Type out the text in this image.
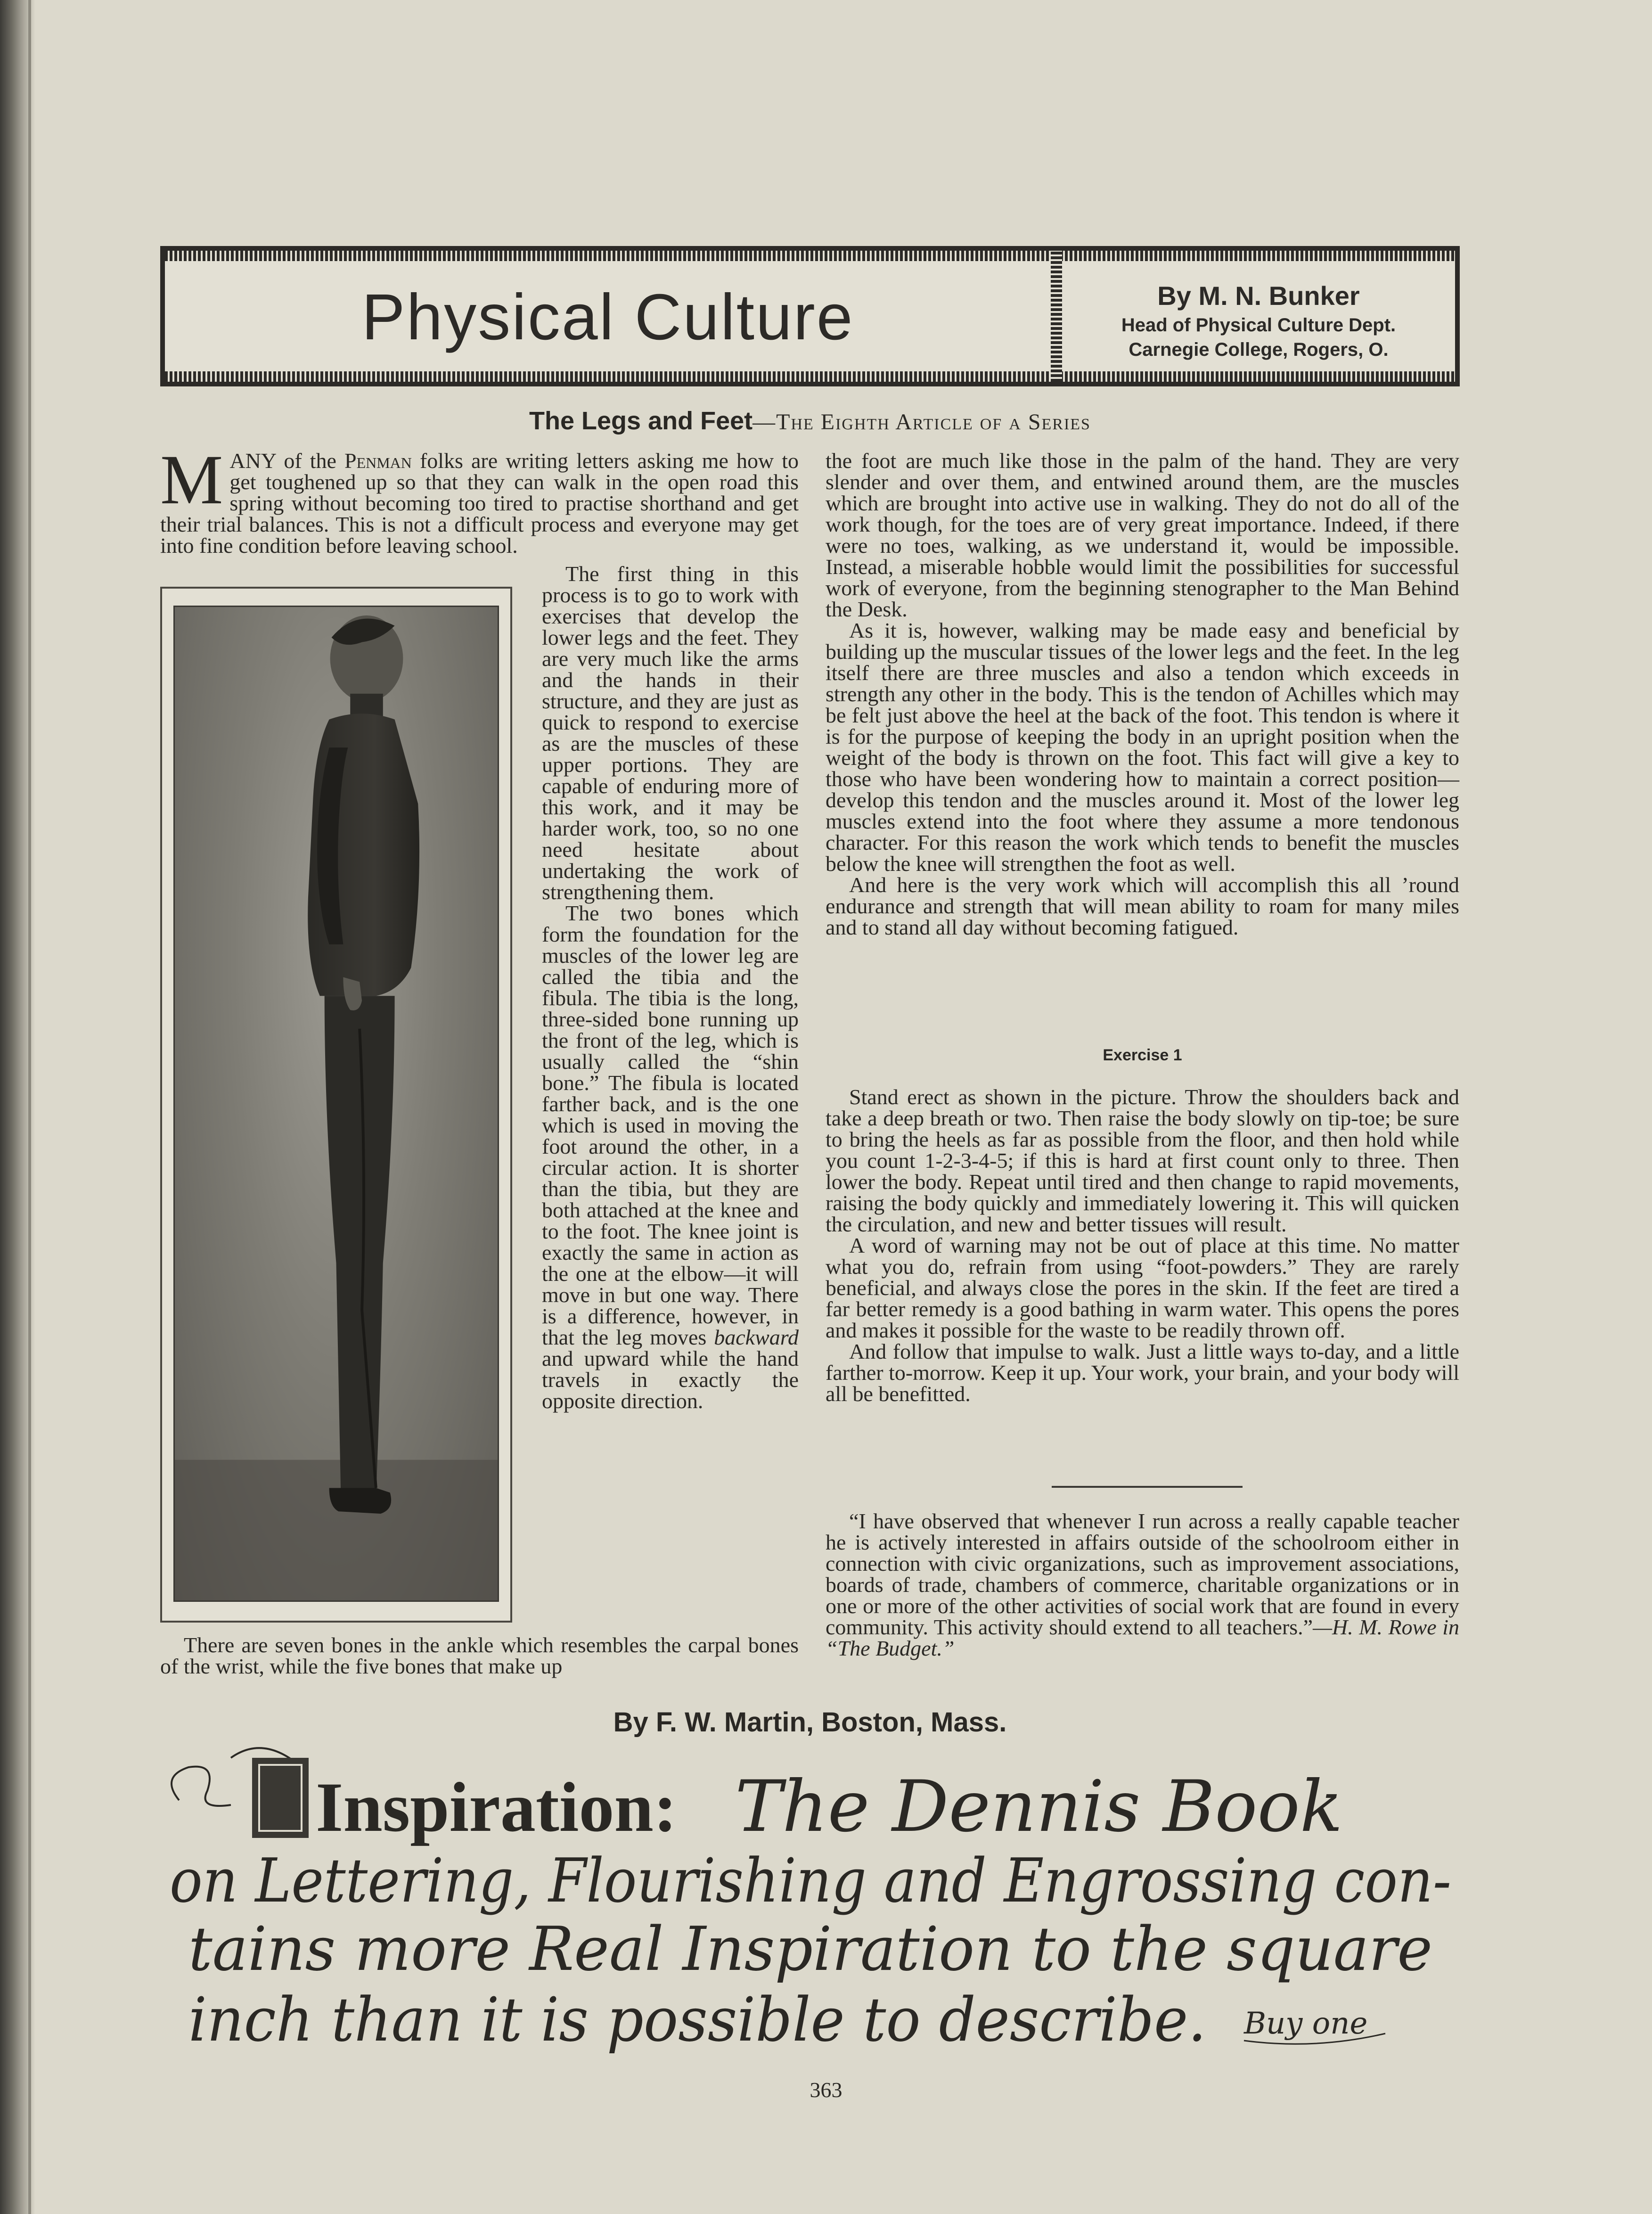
Physical Culture	By M. N. Bunker
Head of Physical Culture Dept.
Carnegie College, Rogers, O.
The Legs and Feet—The Eighth Article of a Series

MANY of the Penman folks are writing letters asking me how to get toughened up so that they can walk in the open road this spring without becoming too tired to practise shorthand and get their trial balances. This is not a difficult process and everyone may get into fine condition before leaving school.

The first thing in this process is to go to work with exercises that develop the lower legs and the feet. They are very much like the arms and the hands in their structure, and they are just as quick to respond to exercise as are the muscles of these upper portions. They are capable of enduring more of this work, and it may be harder work, too, so no one need hesitate about undertaking the work of strengthening them.

The two bones which form the foundation for the muscles of the lower leg are called the tibia and the fibula. The tibia is the long, three-sided bone running up the front of the leg, which is usually called the “shin bone.” The fibula is located farther back, and is the one which is used in moving the foot around the other, in a circular action. It is shorter than the tibia, but they are both attached at the knee and to the foot. The knee joint is exactly the same in action as the one at the elbow—it will move in but one way. There is a difference, however, in that the leg moves backward and upward while the hand travels in exactly the opposite direction.

There are seven bones in the ankle which resembles the carpal bones of the wrist, while the five bones that make up

the foot are much like those in the palm of the hand. They are very slender and over them, and entwined around them, are the muscles which are brought into active use in walking. They do not do all of the work though, for the toes are of very great importance. Indeed, if there were no toes, walking, as we understand it, would be impossible. Instead, a miserable hobble would limit the possibilities for successful work of everyone, from the beginning stenographer to the Man Behind the Desk.

As it is, however, walking may be made easy and beneficial by building up the muscular tissues of the lower legs and the feet. In the leg itself there are three muscles and also a tendon which exceeds in strength any other in the body. This is the tendon of Achilles which may be felt just above the heel at the back of the foot. This tendon is where it is for the purpose of keeping the body in an upright position when the weight of the body is thrown on the foot. This fact will give a key to those who have been wondering how to maintain a correct position—develop this tendon and the muscles around it. Most of the lower leg muscles extend into the foot where they assume a more tendonous character. For this reason the work which tends to benefit the muscles below the knee will strengthen the foot as well.

And here is the very work which will accomplish this all ’round endurance and strength that will mean ability to roam for many miles and to stand all day without becoming fatigued.

Exercise 1

Stand erect as shown in the picture. Throw the shoulders back and take a deep breath or two. Then raise the body slowly on tip-toe; be sure to bring the heels as far as possible from the floor, and then hold while you count 1-2-3-4-5; if this is hard at first count only to three. Then lower the body. Repeat until tired and then change to rapid movements, raising the body quickly and immediately lowering it. This will quicken the circulation, and new and better tissues will result.

A word of warning may not be out of place at this time. No matter what you do, refrain from using “foot-powders.” They are rarely beneficial, and always close the pores in the skin. If the feet are tired a far better remedy is a good bathing in warm water. This opens the pores and makes it possible for the waste to be readily thrown off.

And follow that impulse to walk. Just a little ways to-day, and a little farther to-morrow. Keep it up. Your work, your brain, and your body will all be benefitted.

“I have observed that whenever I run across a really capable teacher he is actively interested in affairs outside of the schoolroom either in connection with civic organizations, such as improvement associations, boards of trade, chambers of commerce, charitable organizations or in one or more of the other activities of social work that are found in every community. This activity should extend to all teachers.”—H. M. Rowe in “The Budget.”

By F. W. Martin, Boston, Mass.
Inspiration: The Dennis Book
on Lettering, Flourishing and Engrossing con-
tains more Real Inspiration to the square
inch than it is possible to describe. Buy one
363
